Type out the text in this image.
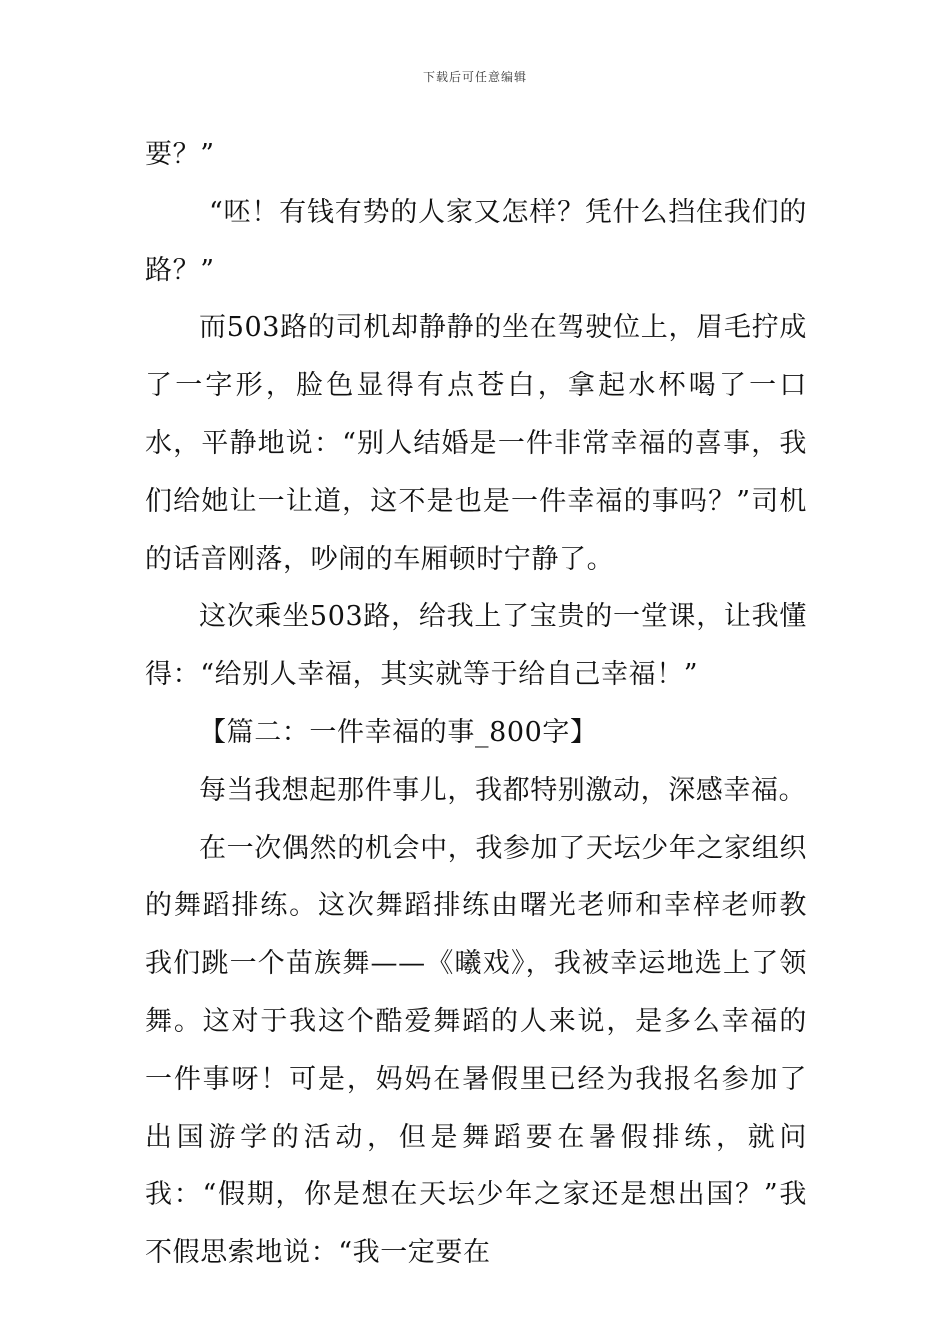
下载后可任意编辑

要？”

“呸！有钱有势的人家又怎样？凭什么挡住我们的路？”

而503路的司机却静静的坐在驾驶位上，眉毛拧成了一字形，脸色显得有点苍白，拿起水杯喝了一口水，平静地说：“别人结婚是一件非常幸福的喜事，我们给她让一让道，这不是也是一件幸福的事吗？”司机的话音刚落，吵闹的车厢顿时宁静了。

这次乘坐503路，给我上了宝贵的一堂课，让我懂得：“给别人幸福，其实就等于给自己幸福！”

【篇二：一件幸福的事_800字】

每当我想起那件事儿，我都特别激动，深感幸福。

在一次偶然的机会中，我参加了天坛少年之家组织的舞蹈排练。这次舞蹈排练由曙光老师和幸梓老师教我们跳一个苗族舞——《曦戏》，我被幸运地选上了领舞。这对于我这个酷爱舞蹈的人来说，是多么幸福的一件事呀！可是，妈妈在暑假里已经为我报名参加了出国游学的活动，但是舞蹈要在暑假排练，就问我：“假期，你是想在天坛少年之家还是想出国？”我不假思索地说：“我一定要在
